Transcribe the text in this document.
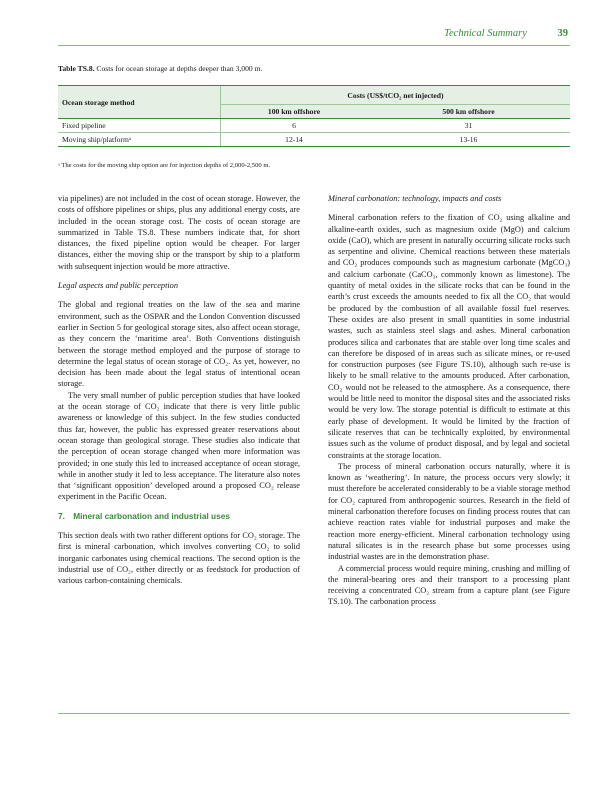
Technical Summary	39
Table TS.8. Costs for ocean storage at depths deeper than 3,000 m.
Ocean storage method	Costs (US$/tCO₂ net injected)	
	100 km offshore	500 km offshore
Fixed pipeline	6	31
Moving ship/platformᵃ	12-14	13-16
ᵃ The costs for the moving ship option are for injection depths of 2,000-2,500 m.

via pipelines) are not included in the cost of ocean storage. However, the costs of offshore pipelines or ships, plus any additional energy costs, are included in the ocean storage cost. The costs of ocean storage are summarized in Table TS.8. These numbers indicate that, for short distances, the fixed pipeline option would be cheaper. For larger distances, either the moving ship or the transport by ship to a platform with subsequent injection would be more attractive.

Legal aspects and public perception

The global and regional treaties on the law of the sea and marine environment, such as the OSPAR and the London Convention discussed earlier in Section 5 for geological storage sites, also affect ocean storage, as they concern the ‘maritime area’. Both Conventions distinguish between the storage method employed and the purpose of storage to determine the legal status of ocean storage of CO₂. As yet, however, no decision has been made about the legal status of intentional ocean storage.

The very small number of public perception studies that have looked at the ocean storage of CO₂ indicate that there is very little public awareness or knowledge of this subject. In the few studies conducted thus far, however, the public has expressed greater reservations about ocean storage than geological storage. These studies also indicate that the perception of ocean storage changed when more information was provided; in one study this led to increased acceptance of ocean storage, while in another study it led to less acceptance. The literature also notes that ‘significant opposition’ developed around a proposed CO₂ release experiment in the Pacific Ocean.

7. Mineral carbonation and industrial uses

This section deals with two rather different options for CO₂ storage. The first is mineral carbonation, which involves converting CO₂ to solid inorganic carbonates using chemical reactions. The second option is the industrial use of CO₂, either directly or as feedstock for production of various carbon-containing chemicals.

Mineral carbonation: technology, impacts and costs

Mineral carbonation refers to the fixation of CO₂ using alkaline and alkaline-earth oxides, such as magnesium oxide (MgO) and calcium oxide (CaO), which are present in naturally occurring silicate rocks such as serpentine and olivine. Chemical reactions between these materials and CO₂ produces compounds such as magnesium carbonate (MgCO₃) and calcium carbonate (CaCO₃, commonly known as limestone). The quantity of metal oxides in the silicate rocks that can be found in the earth’s crust exceeds the amounts needed to fix all the CO₂ that would be produced by the combustion of all available fossil fuel reserves. These oxides are also present in small quantities in some industrial wastes, such as stainless steel slags and ashes. Mineral carbonation produces silica and carbonates that are stable over long time scales and can therefore be disposed of in areas such as silicate mines, or re-used for construction purposes (see Figure TS.10), although such re-use is likely to be small relative to the amounts produced. After carbonation, CO₂ would not be released to the atmosphere. As a consequence, there would be little need to monitor the disposal sites and the associated risks would be very low. The storage potential is difficult to estimate at this early phase of development. It would be limited by the fraction of silicate reserves that can be technically exploited, by environmental issues such as the volume of product disposal, and by legal and societal constraints at the storage location.

The process of mineral carbonation occurs naturally, where it is known as ‘weathering’. In nature, the process occurs very slowly; it must therefore be accelerated considerably to be a viable storage method for CO₂ captured from anthropogenic sources. Research in the field of mineral carbonation therefore focuses on finding process routes that can achieve reaction rates viable for industrial purposes and make the reaction more energy-efficient. Mineral carbonation technology using natural silicates is in the research phase but some processes using industrial wastes are in the demonstration phase.

A commercial process would require mining, crushing and milling of the mineral-bearing ores and their transport to a processing plant receiving a concentrated CO₂ stream from a capture plant (see Figure TS.10). The carbonation process
